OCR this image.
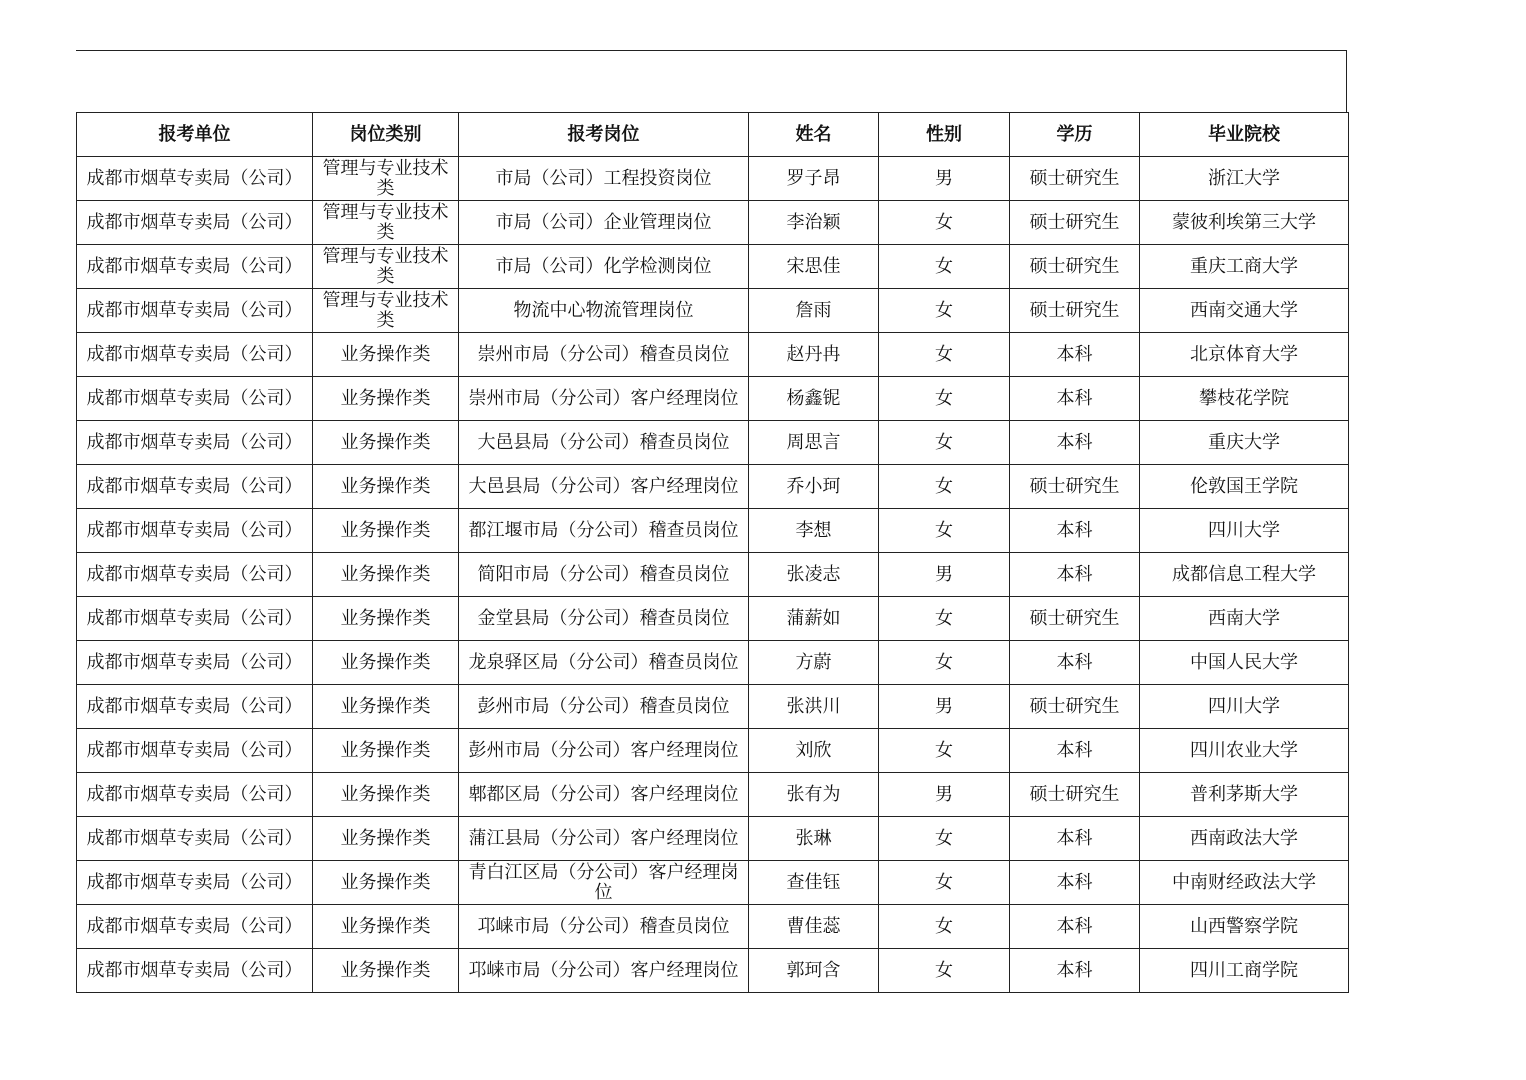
报考单位	岗位类别	报考岗位	姓名	性别	学历	毕业院校
成都市烟草专卖局（公司）	管理与专业技术类	市局（公司）工程投资岗位	罗子昂	男	硕士研究生	浙江大学
成都市烟草专卖局（公司）	管理与专业技术类	市局（公司）企业管理岗位	李治颖	女	硕士研究生	蒙彼利埃第三大学
成都市烟草专卖局（公司）	管理与专业技术类	市局（公司）化学检测岗位	宋思佳	女	硕士研究生	重庆工商大学
成都市烟草专卖局（公司）	管理与专业技术类	物流中心物流管理岗位	詹雨	女	硕士研究生	西南交通大学
成都市烟草专卖局（公司）	业务操作类	崇州市局（分公司）稽查员岗位	赵丹冉	女	本科	北京体育大学
成都市烟草专卖局（公司）	业务操作类	崇州市局（分公司）客户经理岗位	杨鑫铌	女	本科	攀枝花学院
成都市烟草专卖局（公司）	业务操作类	大邑县局（分公司）稽查员岗位	周思言	女	本科	重庆大学
成都市烟草专卖局（公司）	业务操作类	大邑县局（分公司）客户经理岗位	乔小珂	女	硕士研究生	伦敦国王学院
成都市烟草专卖局（公司）	业务操作类	都江堰市局（分公司）稽查员岗位	李想	女	本科	四川大学
成都市烟草专卖局（公司）	业务操作类	简阳市局（分公司）稽查员岗位	张凌志	男	本科	成都信息工程大学
成都市烟草专卖局（公司）	业务操作类	金堂县局（分公司）稽查员岗位	蒲薪如	女	硕士研究生	西南大学
成都市烟草专卖局（公司）	业务操作类	龙泉驿区局（分公司）稽查员岗位	方蔚	女	本科	中国人民大学
成都市烟草专卖局（公司）	业务操作类	彭州市局（分公司）稽查员岗位	张洪川	男	硕士研究生	四川大学
成都市烟草专卖局（公司）	业务操作类	彭州市局（分公司）客户经理岗位	刘欣	女	本科	四川农业大学
成都市烟草专卖局（公司）	业务操作类	郫都区局（分公司）客户经理岗位	张有为	男	硕士研究生	普利茅斯大学
成都市烟草专卖局（公司）	业务操作类	蒲江县局（分公司）客户经理岗位	张琳	女	本科	西南政法大学
成都市烟草专卖局（公司）	业务操作类	青白江区局（分公司）客户经理岗位	查佳钰	女	本科	中南财经政法大学
成都市烟草专卖局（公司）	业务操作类	邛崃市局（分公司）稽查员岗位	曹佳蕊	女	本科	山西警察学院
成都市烟草专卖局（公司）	业务操作类	邛崃市局（分公司）客户经理岗位	郭珂含	女	本科	四川工商学院
